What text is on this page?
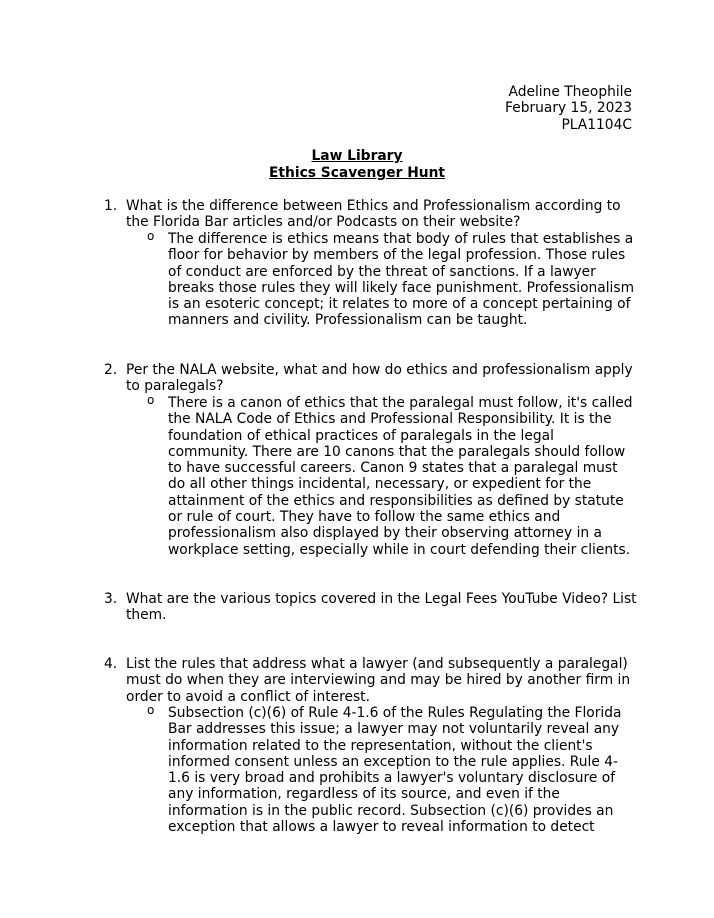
Adeline Theophile
February 15, 2023
PLA1104C
Law Library
Ethics Scavenger Hunt
1. What is the difference between Ethics and Professionalism according to the Florida Bar articles and/or Podcasts on their website?
o The difference is ethics means that body of rules that establishes a floor for behavior by members of the legal profession. Those rules of conduct are enforced by the threat of sanctions. If a lawyer breaks those rules they will likely face punishment. Professionalism is an esoteric concept; it relates to more of a concept pertaining of manners and civility. Professionalism can be taught.
2. Per the NALA website, what and how do ethics and professionalism apply to paralegals?
o There is a canon of ethics that the paralegal must follow, it's called the NALA Code of Ethics and Professional Responsibility. It is the foundation of ethical practices of paralegals in the legal community. There are 10 canons that the paralegals should follow to have successful careers. Canon 9 states that a paralegal must do all other things incidental, necessary, or expedient for the attainment of the ethics and responsibilities as defined by statute or rule of court. They have to follow the same ethics and professionalism also displayed by their observing attorney in a workplace setting, especially while in court defending their clients.
3. What are the various topics covered in the Legal Fees YouTube Video? List them.
4. List the rules that address what a lawyer (and subsequently a paralegal) must do when they are interviewing and may be hired by another firm in order to avoid a conflict of interest.
o Subsection (c)(6) of Rule 4-1.6 of the Rules Regulating the Florida Bar addresses this issue; a lawyer may not voluntarily reveal any information related to the representation, without the client's informed consent unless an exception to the rule applies. Rule 4-1.6 is very broad and prohibits a lawyer's voluntary disclosure of any information, regardless of its source, and even if the information is in the public record. Subsection (c)(6) provides an exception that allows a lawyer to reveal information to detect
